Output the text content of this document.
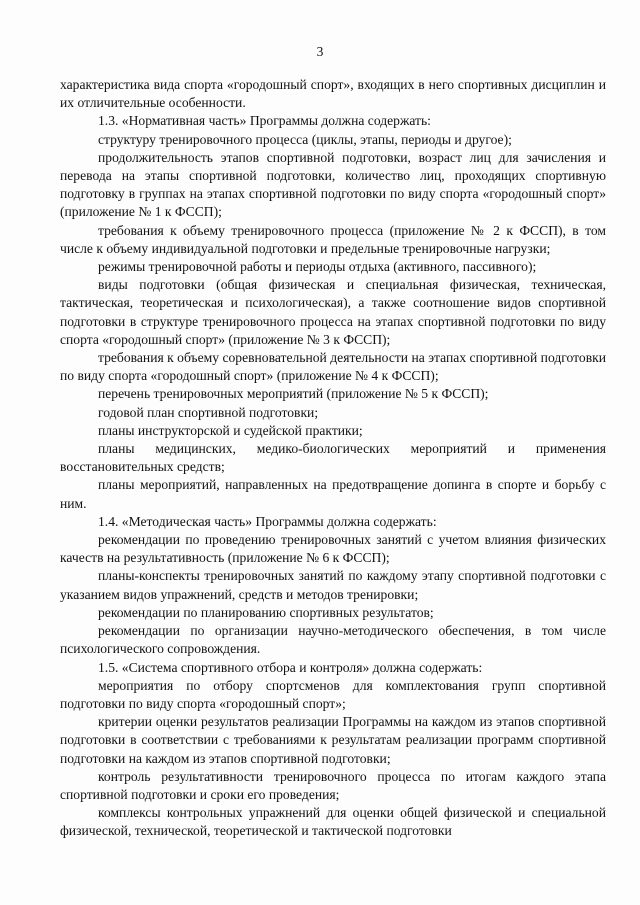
3

характеристика вида спорта «городошный спорт», входящих в него спортивных дисциплин и их отличительные особенности.

1.3. «Нормативная часть» Программы должна содержать:

структуру тренировочного процесса (циклы, этапы, периоды и другое);

продолжительность этапов спортивной подготовки, возраст лиц для зачисления и перевода на этапы спортивной подготовки, количество лиц, проходящих спортивную подготовку в группах на этапах спортивной подготовки по виду спорта «городошный спорт» (приложение № 1 к ФССП);

требования к объему тренировочного процесса (приложение № 2 к ФССП), в том числе к объему индивидуальной подготовки и предельные тренировочные нагрузки;

режимы тренировочной работы и периоды отдыха (активного, пассивного);

виды подготовки (общая физическая и специальная физическая, техническая, тактическая, теоретическая и психологическая), а также соотношение видов спортивной подготовки в структуре тренировочного процесса на этапах спортивной подготовки по виду спорта «городошный спорт» (приложение № 3 к ФССП);

требования к объему соревновательной деятельности на этапах спортивной подготовки по виду спорта «городошный спорт» (приложение № 4 к ФССП);

перечень тренировочных мероприятий (приложение № 5 к ФССП);

годовой план спортивной подготовки;

планы инструкторской и судейской практики;

планы медицинских, медико-биологических мероприятий и применения восстановительных средств;

планы мероприятий, направленных на предотвращение допинга в спорте и борьбу с ним.

1.4. «Методическая часть» Программы должна содержать:

рекомендации по проведению тренировочных занятий с учетом влияния физических качеств на результативность (приложение № 6 к ФССП);

планы-конспекты тренировочных занятий по каждому этапу спортивной подготовки с указанием видов упражнений, средств и методов тренировки;

рекомендации по планированию спортивных результатов;

рекомендации по организации научно-методического обеспечения, в том числе психологического сопровождения.

1.5. «Система спортивного отбора и контроля» должна содержать:

мероприятия по отбору спортсменов для комплектования групп спортивной подготовки по виду спорта «городошный спорт»;

критерии оценки результатов реализации Программы на каждом из этапов спортивной подготовки в соответствии с требованиями к результатам реализации программ спортивной подготовки на каждом из этапов спортивной подготовки;

контроль результативности тренировочного процесса по итогам каждого этапа спортивной подготовки и сроки его проведения;

комплексы контрольных упражнений для оценки общей физической и специальной физической, технической, теоретической и тактической подготовки
